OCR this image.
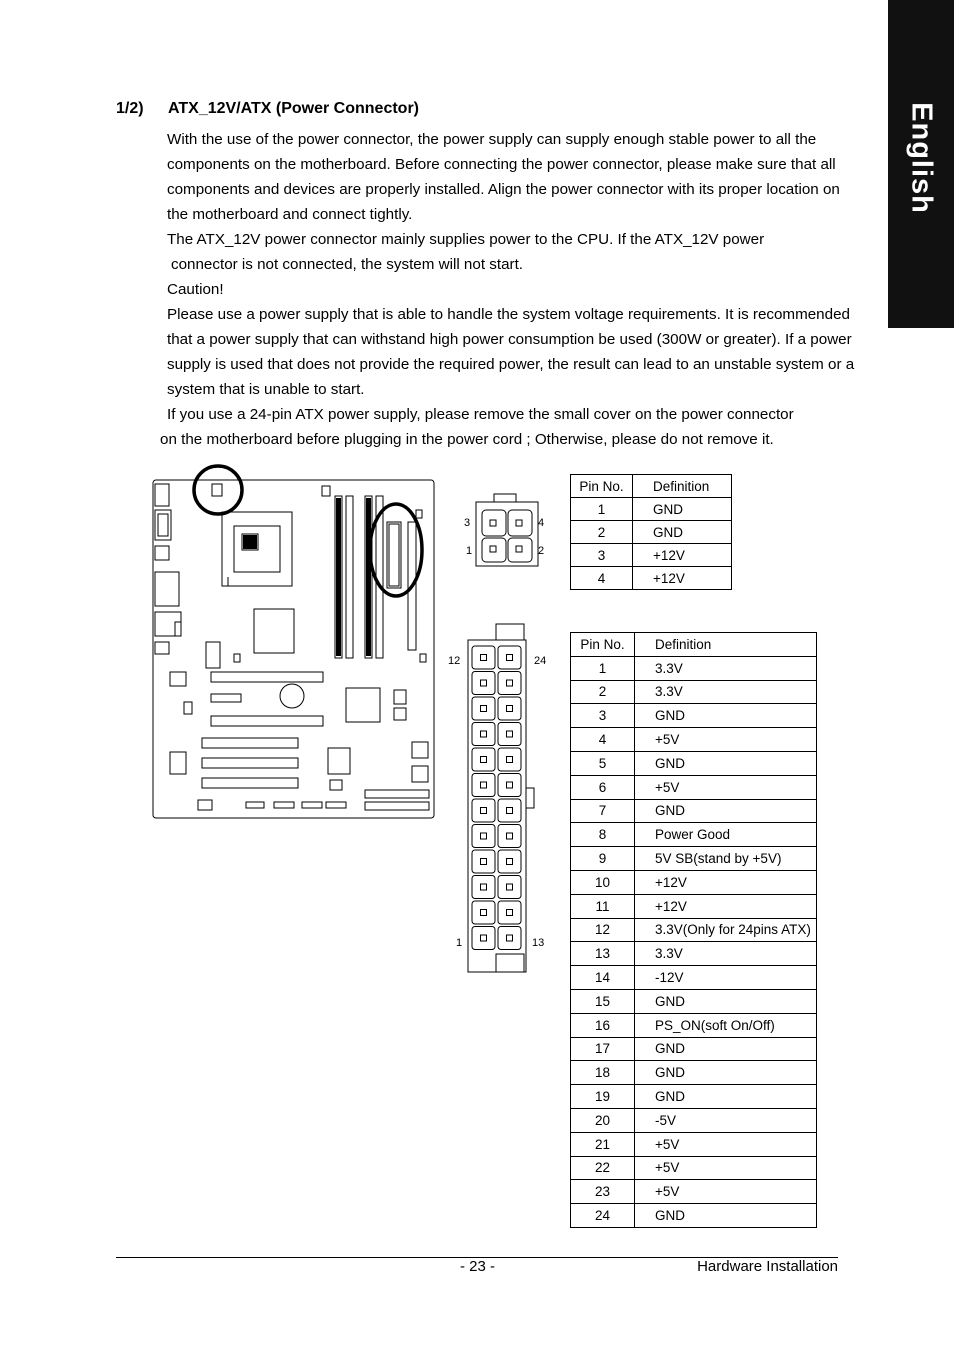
English
1/2) ATX_12V/ATX (Power Connector)

With the use of the power connector, the power supply can supply enough stable power to all the components on the motherboard. Before connecting the power connector, please make sure that all components and devices are properly installed. Align the power connector with its proper location on the motherboard and connect tightly.

The ATX_12V power connector mainly supplies power to the CPU. If the ATX_12V power

connector is not connected, the system will not start.

Caution!

Please use a power supply that is able to handle the system voltage requirements. It is recommended that a power supply that can withstand high power consumption be used (300W or greater). If a power supply is used that does not provide the required power, the result can lead to an unstable system or a system that is unable to start.

If you use a 24-pin ATX power supply, please remove the small cover on the power connector

on the motherboard before plugging in the power cord ; Otherwise, please do not remove it.

3	4
1	2
12	24
1	13
Pin No.	Definition
1	GND
2	GND
3	+12V
4	+12V
Pin No.	Definition
1	3.3V
2	3.3V
3	GND
4	+5V
5	GND
6	+5V
7	GND
8	Power Good
9	5V SB(stand by +5V)
10	+12V
11	+12V
12	3.3V(Only for 24pins ATX)
13	3.3V
14	-12V
15	GND
16	PS_ON(soft On/Off)
17	GND
18	GND
19	GND
20	-5V
21	+5V
22	+5V
23	+5V
24	GND
- 23 -	Hardware Installation
